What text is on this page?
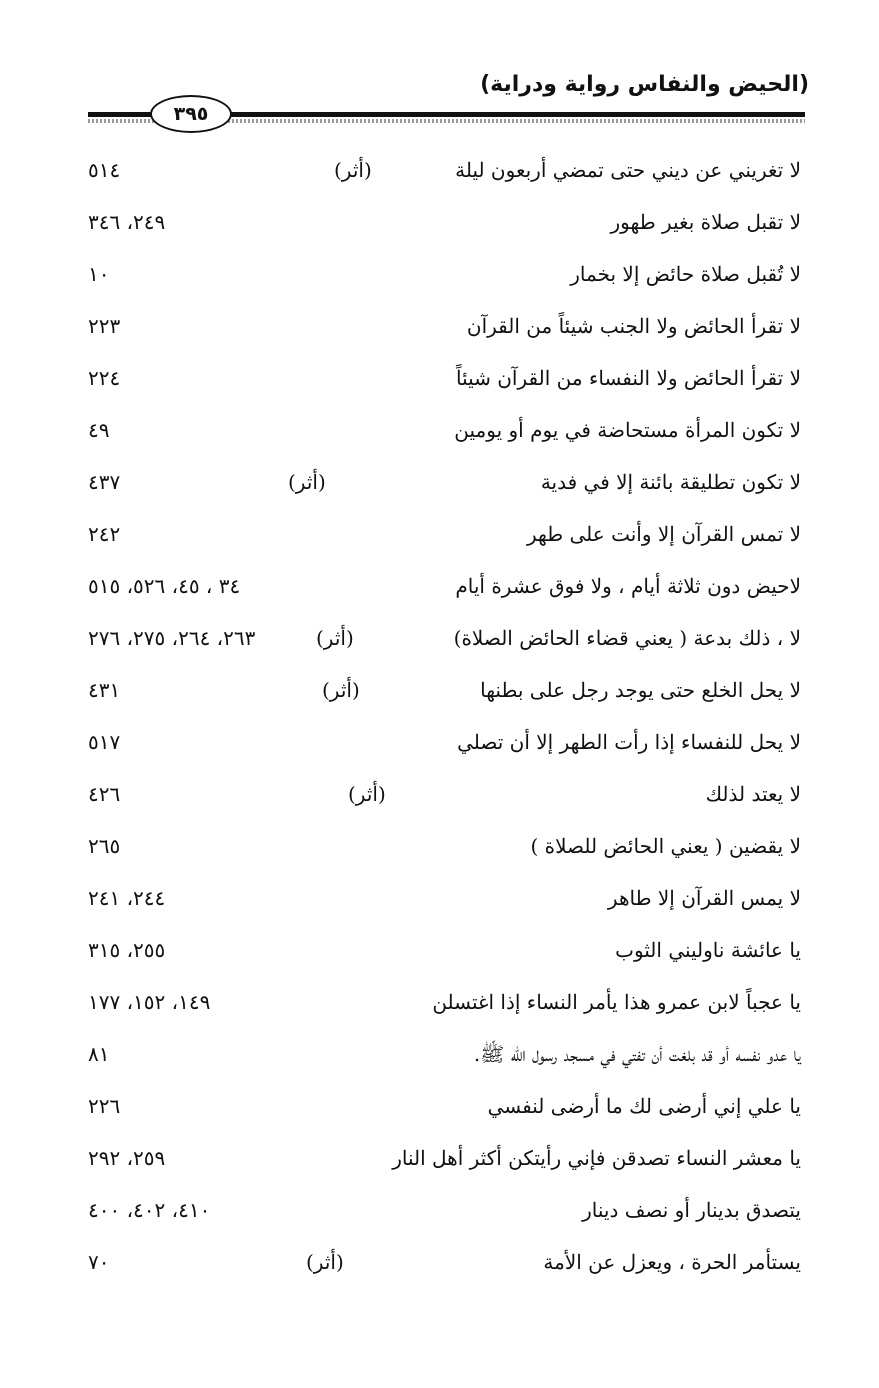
(الحيض والنفاس رواية ودراية)
٣٩٥
لا تغريني عن ديني حتى تمضي أربعون ليلة
(أثر)
٥١٤
لا تقبل صلاة بغير طهور
٢٤٩، ٣٤٦
لا تُقبل صلاة حائض إلا بخمار
١٠
لا تقرأ الحائض ولا الجنب شيئاً من القرآن
٢٢٣
لا تقرأ الحائض ولا النفساء من القرآن شيئاً
٢٢٤
لا تكون المرأة مستحاضة في يوم أو يومين
٤٩
لا تكون تطليقة بائنة إلا في فدية
(أثر)
٤٣٧
لا تمس القرآن إلا وأنت على طهر
٢٤٢
لاحيض دون ثلاثة أيام ، ولا فوق عشرة أيام
٣٤ ، ٤٥، ٥٢٦، ٥١٥
لا ، ذلك بدعة ( يعني قضاء الحائض الصلاة)
(أثر)
٢٦٣، ٢٦٤، ٢٧٥، ٢٧٦
لا يحل الخلع حتى يوجد رجل على بطنها
(أثر)
٤٣١
لا يحل للنفساء إذا رأت الطهر إلا أن تصلي
٥١٧
لا يعتد لذلك
(أثر)
٤٢٦
لا يقضين ( يعني الحائض للصلاة )
٢٦٥
لا يمس القرآن إلا طاهر
٢٤٤، ٢٤١
يا عائشة ناوليني الثوب
٢٥٥، ٣١٥
يا عجباً لابن عمرو هذا يأمر النساء إذا اغتسلن
١٤٩، ١٥٢، ١٧٧
يا عدو نفسه أو قد بلغت أن تفتي في مسجد رسول الله ﷺ.
٨١
يا علي إني أرضى لك ما أرضى لنفسي
٢٢٦
يا معشر النساء تصدقن فإني رأيتكن أكثر أهل النار
٢٥٩، ٢٩٢
يتصدق بدينار أو نصف دينار
٤١٠، ٤٠٢، ٤٠٠
يستأمر الحرة ، ويعزل عن الأمة
(أثر)
٧٠
